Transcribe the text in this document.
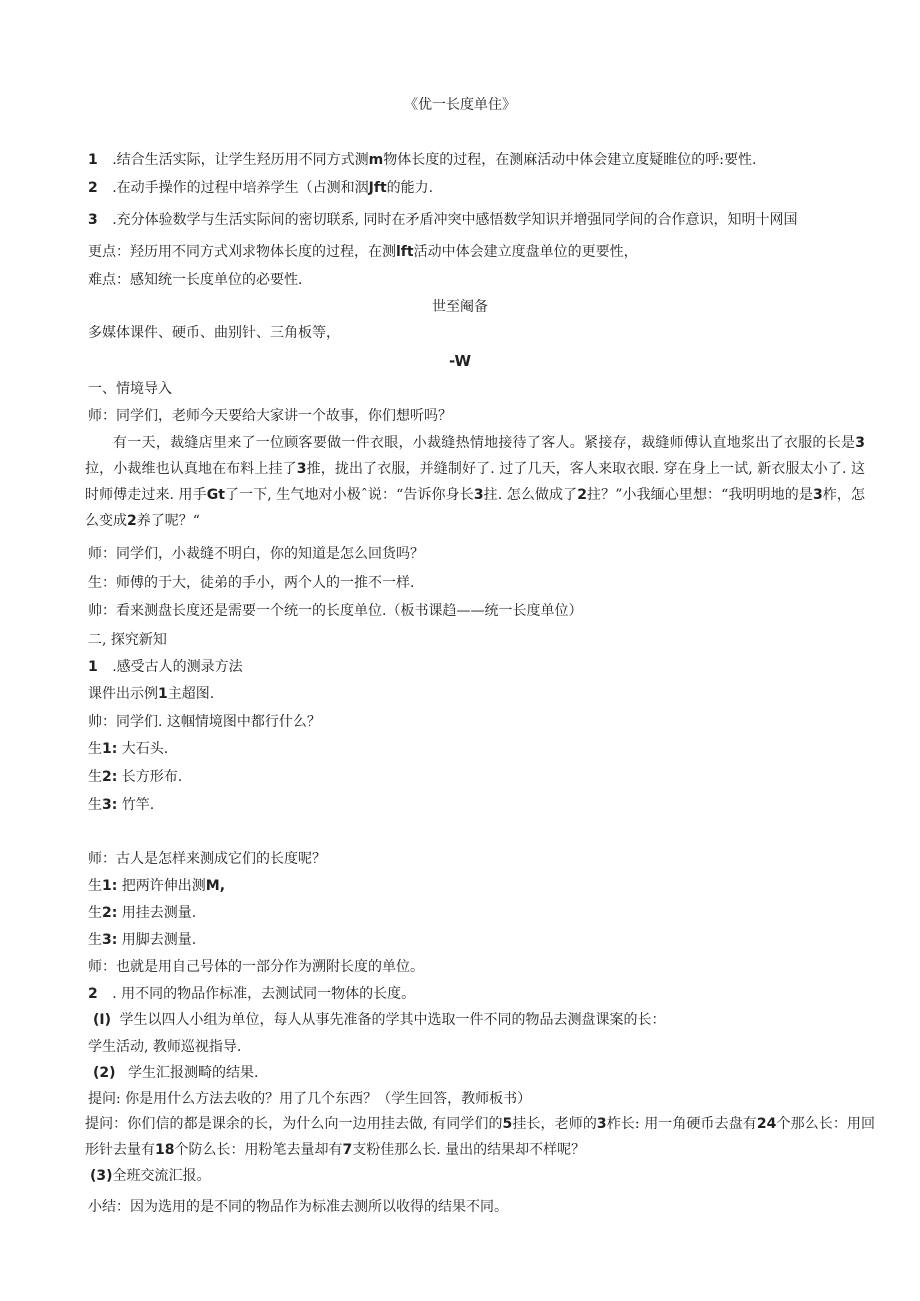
《优一长度单住》
1 .结合生活实际，让学生羟历用不同方式测m物体长度的过程，在测麻活动中体会建立度疑睢位的呼:要性.
2 .在动手操作的过程中培养学生（占测和洇Jft的能力.
3 .充分体验数学与生活实际间的密切联系, 同时在矛盾冲突中感悟数学知识并增强同学间的合作意识，知明十网国
更点：羟历用不同方式刈求物体长度的过程，在测lft活动中体会建立度盘单位的更要性，
难点：感知统一长度单位的必要性.
世至阉备
多媒体课件、硬币、曲别针、三角板等，
-W
一、情境导入
师：同学们，老师今天要给大家讲一个故事，你们想听吗？
有一天，裁缝店里来了一位顾客要做一件衣眼，小裁缝热情地接待了客人。紧接存，裁缝师傅认直地浆出了衣服的长是3拉，小裁维也认真地在布料上挂了3推，拢出了衣服，并缝制好了. 过了几天，客人来取衣眼. 穿在身上一试, 新衣服太小了. 这时师傅走过来. 用手Gt了一下, 生气地对小极ˆ说：“告诉你身长3拄. 怎么做成了2拄？”小我缅心里想：“我明明地的是3柞，怎么变成2养了呢？“
师：同学们，小裁缝不明白，你的知道是怎么回货吗？
生：师傅的于大，徒弟的手小，两个人的一推不一样.
帅：看来测盘长度还是需要一个统一的长度单位.（板书课趋——统一长度单位）
二, 探究新知
1 .感受古人的测录方法
课件出示例1主超图.
帅：同学们. 这帼情境图中都行什么？
生1: 大石头.
生2: 长方形布.
生3: 竹竿.
师：古人是怎样来测成它们的长度呢？
生1: 把两许伸出测M,
生2: 用挂去测量.
生3: 用脚去测量.
师：也就是用自己号体的一部分作为溯附长度的单位。
2 . 用不同的物品作标准，去测试同一物体的长度。
(I) 学生以四人小组为单位，每人从事先准备的学其中选取一件不同的物品去测盘课案的长：
学生活动, 教师巡视指导.
(2) 学生汇报测畸的结果.
提问: 你是用什么方法去收的？用了几个东西？（学生回答，教师板书）
提问：你们信的都是课余的长，为什么向一边用挂去做, 有同学们的5挂长，老师的3柞长: 用一角硬币去盘有24个那么长：用回形针去量有18个防么长：用粉笔去量却有7支粉佳那么长. 量出的结果却不样呢？
(3)全班交流汇报。
小结：因为选用的是不同的物品作为标准去测所以收得的结果不同。
